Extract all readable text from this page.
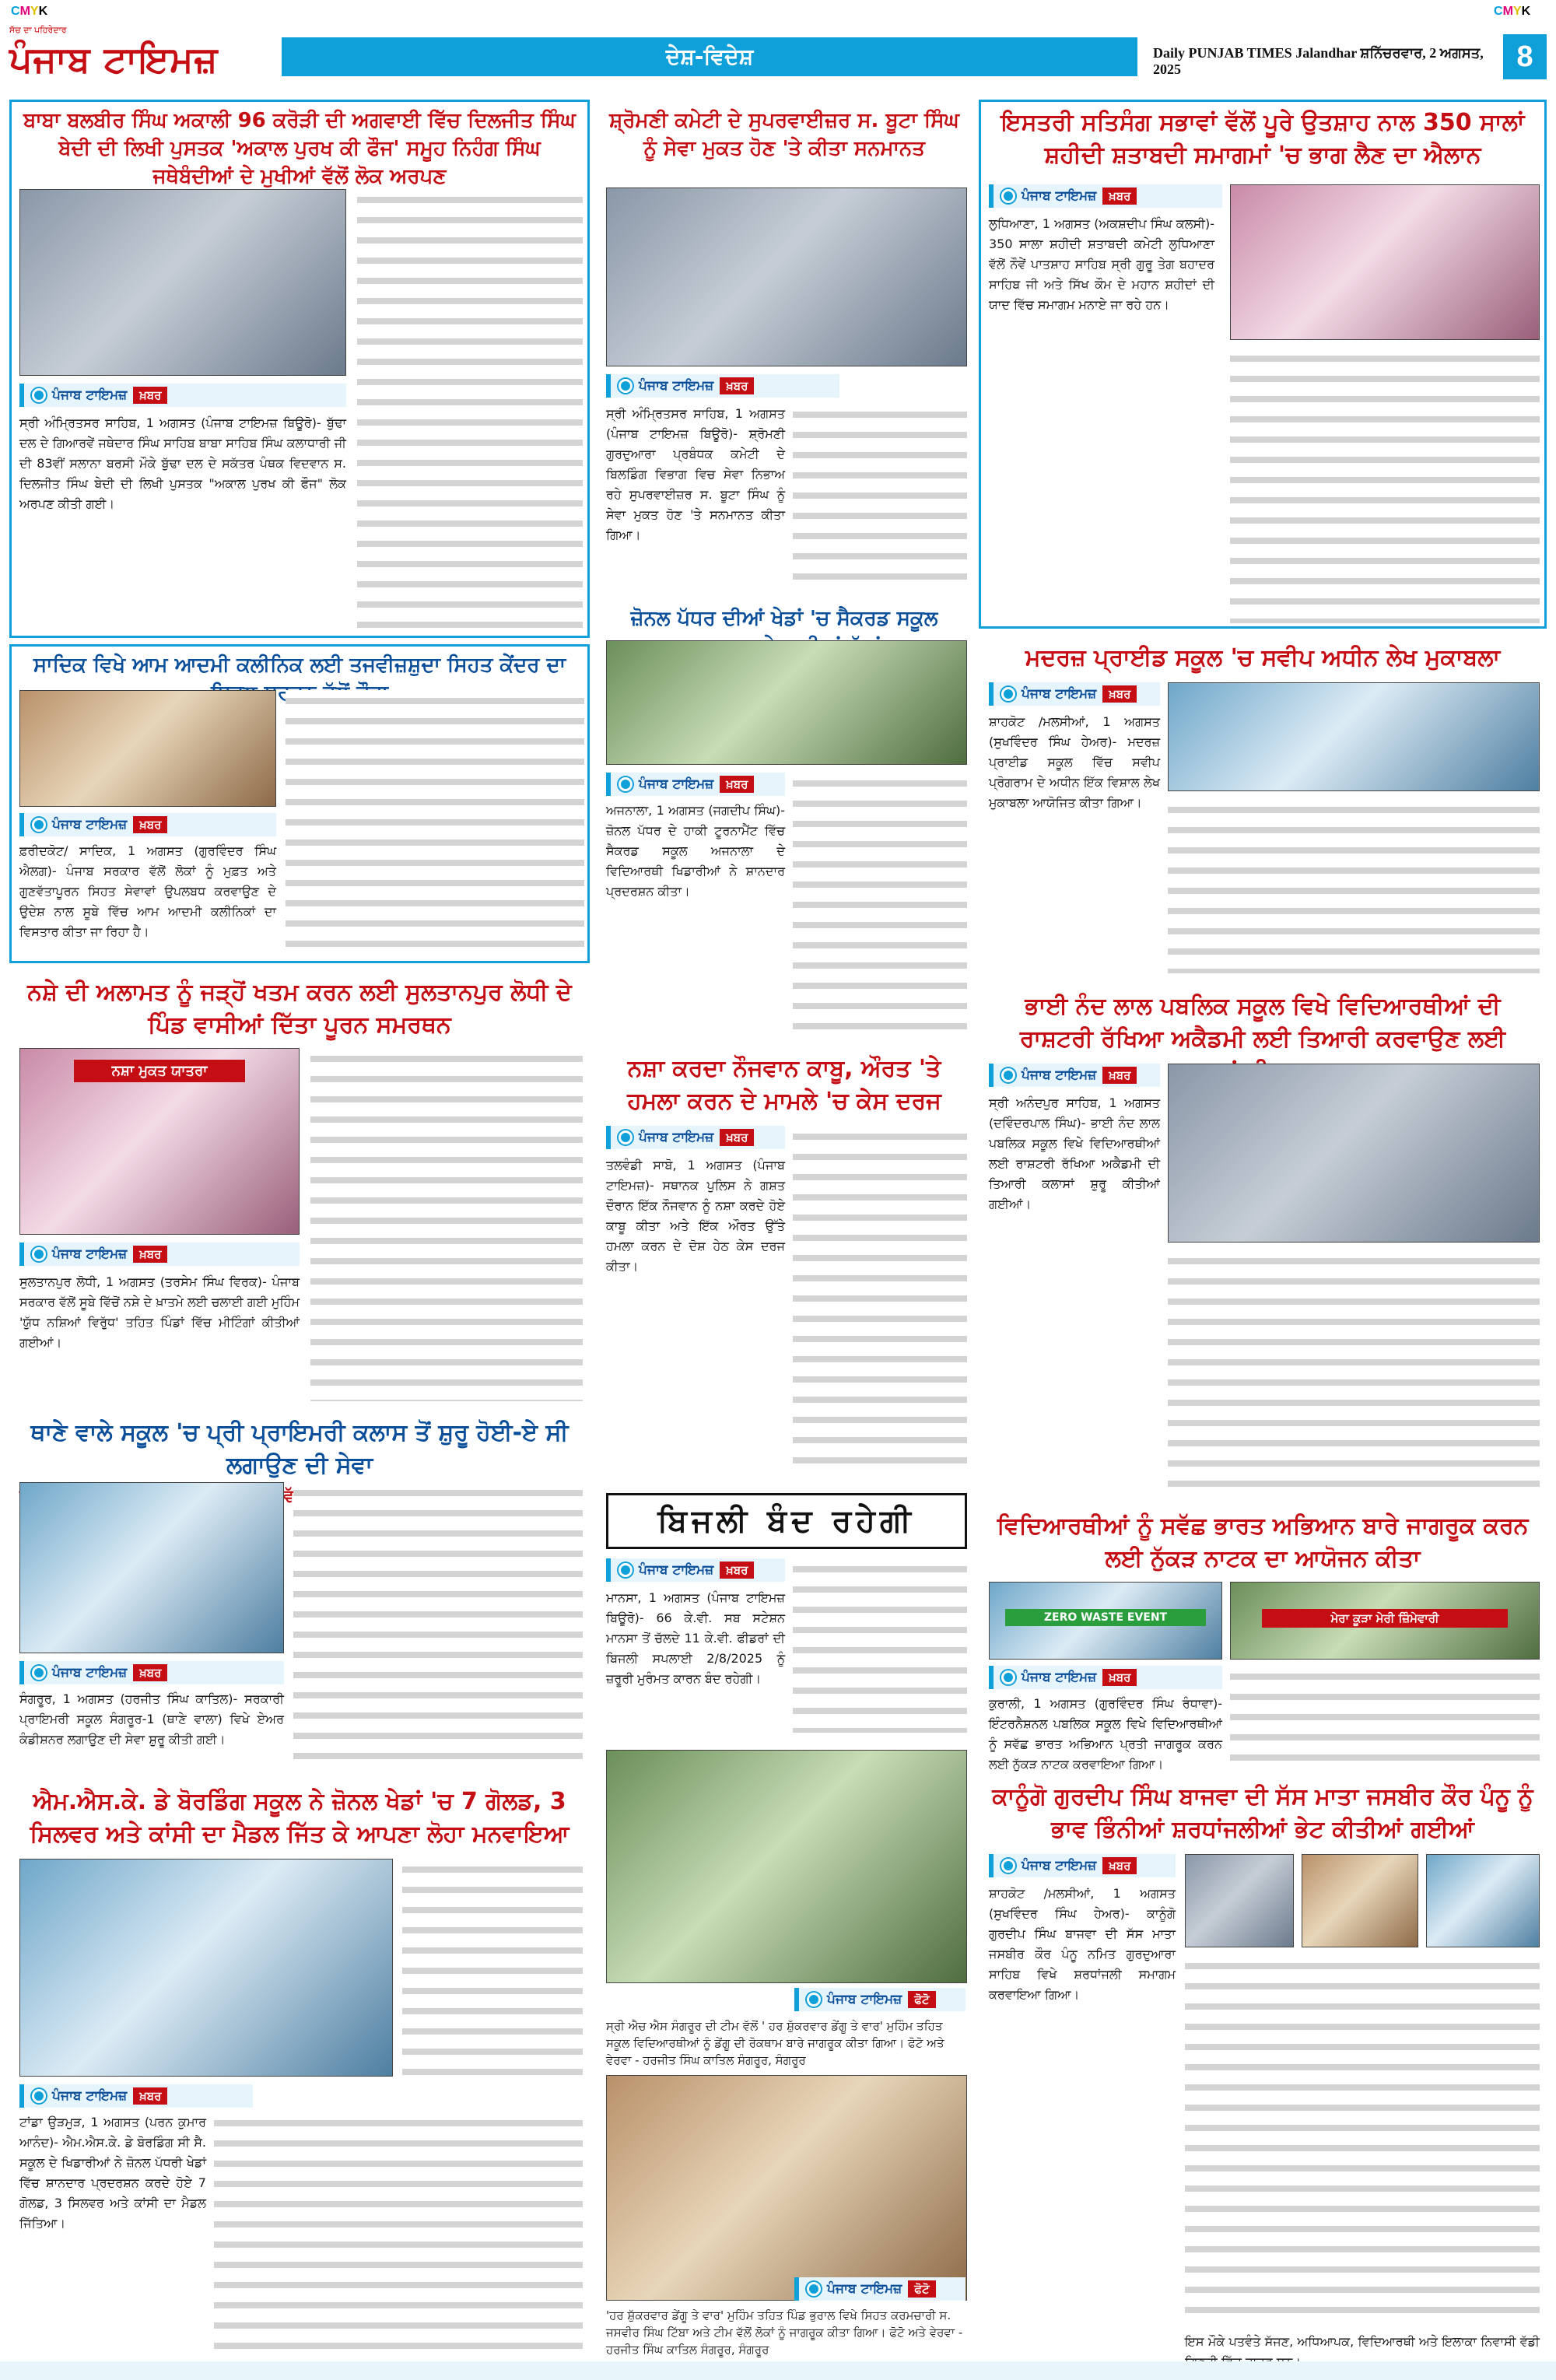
CMYK	CMYK
ਸੱਚ ਦਾ ਪਹਿਰੇਦਾਰ
ਪੰਜਾਬ ਟਾਇਮਜ਼	ਦੇਸ਼-ਵਿਦੇਸ਼	Daily PUNJAB TIMES Jalandhar ਸ਼ਨਿੱਚਰਵਾਰ, 2 ਅਗਸਤ, 2025	8
ਬਾਬਾ ਬਲਬੀਰ ਸਿੰਘ ਅਕਾਲੀ 96 ਕਰੋੜੀ ਦੀ ਅਗਵਾਈ ਵਿੱਚ ਦਿਲਜੀਤ ਸਿੰਘ ਬੇਦੀ ਦੀ ਲਿਖੀ ਪੁਸਤਕ 'ਅਕਾਲ ਪੁਰਖ ਕੀ ਫੌਜ' ਸਮੂਹ ਨਿਹੰਗ ਸਿੰਘ ਜਥੇਬੰਦੀਆਂ ਦੇ ਮੁਖੀਆਂ ਵੱਲੋਂ ਲੋਕ ਅਰਪਣ
ਪੰਜਾਬ ਟਾਇਮਜ਼	ਖ਼ਬਰ
ਸ੍ਰੀ ਅੰਮ੍ਰਿਤਸਰ ਸਾਹਿਬ, 1 ਅਗਸਤ (ਪੰਜਾਬ ਟਾਇਮਜ਼ ਬਿਊਰੋ)- ਬੁੱਢਾ ਦਲ ਦੇ ਗਿਆਰਵੇਂ ਜਥੇਦਾਰ ਸਿੰਘ ਸਾਹਿਬ ਬਾਬਾ ਸਾਹਿਬ ਸਿੰਘ ਕਲਾਧਾਰੀ ਜੀ ਦੀ 83ਵੀਂ ਸਲਾਨਾ ਬਰਸੀ ਮੌਕੇ ਬੁੱਢਾ ਦਲ ਦੇ ਸਕੱਤਰ ਪੰਥਕ ਵਿਦਵਾਨ ਸ. ਦਿਲਜੀਤ ਸਿੰਘ ਬੇਦੀ ਦੀ ਲਿਖੀ ਪੁਸਤਕ "ਅਕਾਲ ਪੁਰਖ ਕੀ ਫੌਜ" ਲੋਕ ਅਰਪਣ ਕੀਤੀ ਗਈ।
ਸਾਦਿਕ ਵਿਖੇ ਆਮ ਆਦਮੀ ਕਲੀਨਿਕ ਲਈ ਤਜਵੀਜ਼ਸ਼ੁਦਾ ਸਿਹਤ ਕੇਂਦਰ ਦਾ
ਪੰਜਾਬ ਟਾਇਮਜ਼	ਖ਼ਬਰ
ਫ਼ਰੀਦਕੋਟ/ ਸਾਦਿਕ, 1 ਅਗਸਤ (ਗੁਰਵਿੰਦਰ ਸਿੰਘ ਐਲਗ)- ਪੰਜਾਬ ਸਰਕਾਰ ਵੱਲੋਂ ਲੋਕਾਂ ਨੂੰ ਮੁਫ਼ਤ ਅਤੇ ਗੁਣਵੱਤਾਪੂਰਨ ਸਿਹਤ ਸੇਵਾਵਾਂ ਉਪਲਬਧ ਕਰਵਾਉਣ ਦੇ ਉਦੇਸ਼ ਨਾਲ ਸੂਬੇ ਵਿੱਚ ਆਮ ਆਦਮੀ ਕਲੀਨਿਕਾਂ ਦਾ ਵਿਸਤਾਰ ਕੀਤਾ ਜਾ ਰਿਹਾ ਹੈ।
ਨਸ਼ੇ ਦੀ ਅਲਾਮਤ ਨੂੰ ਜੜ੍ਹੋਂ ਖਤਮ ਕਰਨ ਲਈ ਸੁਲਤਾਨਪੁਰ ਲੋਧੀ ਦੇ ਪਿੰਡ ਵਾਸੀਆਂ ਦਿੱਤਾ ਪੂਰਨ ਸਮਰਥਨ
ਨਸ਼ਾ ਮੁਕਤ ਯਾਤਰਾ
ਪੰਜਾਬ ਟਾਇਮਜ਼	ਖ਼ਬਰ
ਸੁਲਤਾਨਪੁਰ ਲੋਧੀ, 1 ਅਗਸਤ (ਤਰਸੇਮ ਸਿੰਘ ਵਿਰਕ)- ਪੰਜਾਬ ਸਰਕਾਰ ਵੱਲੋਂ ਸੂਬੇ ਵਿੱਚੋਂ ਨਸ਼ੇ ਦੇ ਖ਼ਾਤਮੇ ਲਈ ਚਲਾਈ ਗਈ ਮੁਹਿੰਮ 'ਯੁੱਧ ਨਸ਼ਿਆਂ ਵਿਰੁੱਧ' ਤਹਿਤ ਪਿੰਡਾਂ ਵਿੱਚ ਮੀਟਿੰਗਾਂ ਕੀਤੀਆਂ ਗਈਆਂ।
ਥਾਣੇ ਵਾਲੇ ਸਕੂਲ 'ਚ ਪ੍ਰੀ ਪ੍ਰਾਇਮਰੀ ਕਲਾਸ ਤੋਂ ਸ਼ੁਰੂ ਹੋਈ-ਏ ਸੀ ਲਗਾਉਣ ਦੀ ਸੇਵਾ
ਪੰਜਾਬ ਟਾਇਮਜ਼	ਖ਼ਬਰ
ਸੰਗਰੂਰ, 1 ਅਗਸਤ (ਹਰਜੀਤ ਸਿੰਘ ਕਾਤਿਲ)- ਸਰਕਾਰੀ ਪ੍ਰਾਇਮਰੀ ਸਕੂਲ ਸੰਗਰੂਰ-1 (ਥਾਣੇ ਵਾਲਾ) ਵਿਖੇ ਏਅਰ ਕੰਡੀਸ਼ਨਰ ਲਗਾਉਣ ਦੀ ਸੇਵਾ ਸ਼ੁਰੂ ਕੀਤੀ ਗਈ।
ਸ਼੍ਰੋਮਣੀ ਕਮੇਟੀ ਦੇ ਸੁਪਰਵਾਈਜ਼ਰ ਸ. ਬੂਟਾ ਸਿੰਘ ਨੂੰ ਸੇਵਾ ਮੁਕਤ ਹੋਣ 'ਤੇ ਕੀਤਾ ਸਨਮਾਨਤ
ਪੰਜਾਬ ਟਾਇਮਜ਼	ਖ਼ਬਰ
ਸ੍ਰੀ ਅੰਮ੍ਰਿਤਸਰ ਸਾਹਿਬ, 1 ਅਗਸਤ (ਪੰਜਾਬ ਟਾਇਮਜ਼ ਬਿਊਰੋ)- ਸ਼੍ਰੋਮਣੀ ਗੁਰਦੁਆਰਾ ਪ੍ਰਬੰਧਕ ਕਮੇਟੀ ਦੇ ਬਿਲਡਿੰਗ ਵਿਭਾਗ ਵਿਚ ਸੇਵਾ ਨਿਭਾਅ ਰਹੇ ਸੁਪਰਵਾਈਜ਼ਰ ਸ. ਬੂਟਾ ਸਿੰਘ ਨੂੰ ਸੇਵਾ ਮੁਕਤ ਹੋਣ 'ਤੇ ਸਨਮਾਨਤ ਕੀਤਾ ਗਿਆ।
ਜ਼ੋਨਲ ਪੱਧਰ ਦੀਆਂ ਖੇਡਾਂ 'ਚ ਸੈਕਰਡ ਸਕੂਲ
ਪੰਜਾਬ ਟਾਇਮਜ਼	ਖ਼ਬਰ
ਅਜਨਾਲਾ, 1 ਅਗਸਤ (ਜਗਦੀਪ ਸਿੰਘ)- ਜ਼ੋਨਲ ਪੱਧਰ ਦੇ ਹਾਕੀ ਟੂਰਨਾਮੈਂਟ ਵਿੱਚ ਸੈਕਰਡ ਸਕੂਲ ਅਜਨਾਲਾ ਦੇ ਵਿਦਿਆਰਥੀ ਖਿਡਾਰੀਆਂ ਨੇ ਸ਼ਾਨਦਾਰ ਪ੍ਰਦਰਸ਼ਨ ਕੀਤਾ।
ਨਸ਼ਾ ਕਰਦਾ ਨੌਜਵਾਨ ਕਾਬੂ, ਔਰਤ 'ਤੇ ਹਮਲਾ ਕਰਨ ਦੇ ਮਾਮਲੇ 'ਚ ਕੇਸ ਦਰਜ
ਪੰਜਾਬ ਟਾਇਮਜ਼	ਖ਼ਬਰ
ਤਲਵੰਡੀ ਸਾਬੋ, 1 ਅਗਸਤ (ਪੰਜਾਬ ਟਾਇਮਜ਼)- ਸਥਾਨਕ ਪੁਲਿਸ ਨੇ ਗਸ਼ਤ ਦੌਰਾਨ ਇੱਕ ਨੌਜਵਾਨ ਨੂੰ ਨਸ਼ਾ ਕਰਦੇ ਹੋਏ ਕਾਬੂ ਕੀਤਾ ਅਤੇ ਇੱਕ ਔਰਤ ਉੱਤੇ ਹਮਲਾ ਕਰਨ ਦੇ ਦੋਸ਼ ਹੇਠ ਕੇਸ ਦਰਜ ਕੀਤਾ।
ਬਿਜਲੀ ਬੰਦ ਰਹੇਗੀ
ਪੰਜਾਬ ਟਾਇਮਜ਼	ਖ਼ਬਰ
ਮਾਨਸਾ, 1 ਅਗਸਤ (ਪੰਜਾਬ ਟਾਇਮਜ਼ ਬਿਊਰੋ)- 66 ਕੇ.ਵੀ. ਸਬ ਸਟੇਸ਼ਨ ਮਾਨਸਾ ਤੋਂ ਚੱਲਦੇ 11 ਕੇ.ਵੀ. ਫੀਡਰਾਂ ਦੀ ਬਿਜਲੀ ਸਪਲਾਈ 2/8/2025 ਨੂੰ ਜ਼ਰੂਰੀ ਮੁਰੰਮਤ ਕਾਰਨ ਬੰਦ ਰਹੇਗੀ।
ਇਸਤਰੀ ਸਤਿਸੰਗ ਸਭਾਵਾਂ ਵੱਲੋਂ ਪੂਰੇ ਉਤਸ਼ਾਹ ਨਾਲ 350 ਸਾਲਾਂ ਸ਼ਹੀਦੀ ਸ਼ਤਾਬਦੀ ਸਮਾਗਮਾਂ 'ਚ ਭਾਗ ਲੈਣ ਦਾ ਐਲਾਨ
ਪੰਜਾਬ ਟਾਇਮਜ਼	ਖ਼ਬਰ
ਲੁਧਿਆਣਾ, 1 ਅਗਸਤ (ਅਕਸ਼ਦੀਪ ਸਿੰਘ ਕਲਸੀ)- 350 ਸਾਲਾ ਸ਼ਹੀਦੀ ਸ਼ਤਾਬਦੀ ਕਮੇਟੀ ਲੁਧਿਆਣਾ ਵੱਲੋਂ ਨੌਵੇਂ ਪਾਤਸ਼ਾਹ ਸਾਹਿਬ ਸ੍ਰੀ ਗੁਰੂ ਤੇਗ ਬਹਾਦਰ ਸਾਹਿਬ ਜੀ ਅਤੇ ਸਿੱਖ ਕੌਮ ਦੇ ਮਹਾਨ ਸ਼ਹੀਦਾਂ ਦੀ ਯਾਦ ਵਿੱਚ ਸਮਾਗਮ ਮਨਾਏ ਜਾ ਰਹੇ ਹਨ।
ਮਦਰਜ਼ ਪ੍ਰਾਈਡ ਸਕੂਲ 'ਚ ਸਵੀਪ ਅਧੀਨ ਲੇਖ ਮੁਕਾਬਲਾ
ਪੰਜਾਬ ਟਾਇਮਜ਼	ਖ਼ਬਰ
ਸ਼ਾਹਕੋਟ /ਮਲਸੀਆਂ, 1 ਅਗਸਤ (ਸੁਖਵਿੰਦਰ ਸਿੰਘ ਹੇਅਰ)- ਮਦਰਜ਼ ਪ੍ਰਾਈਡ ਸਕੂਲ ਵਿੱਚ ਸਵੀਪ ਪ੍ਰੋਗਰਾਮ ਦੇ ਅਧੀਨ ਇੱਕ ਵਿਸ਼ਾਲ ਲੇਖ ਮੁਕਾਬਲਾ ਆਯੋਜਿਤ ਕੀਤਾ ਗਿਆ।
ਭਾਈ ਨੰਦ ਲਾਲ ਪਬਲਿਕ ਸਕੂਲ ਵਿਖੇ ਵਿਦਿਆਰਥੀਆਂ ਦੀ ਰਾਸ਼ਟਰੀ ਰੱਖਿਆ ਅਕੈਡਮੀ ਲਈ ਤਿਆਰੀ ਕਰਵਾਉਣ ਲਈ
ਪੰਜਾਬ ਟਾਇਮਜ਼	ਖ਼ਬਰ
ਸ੍ਰੀ ਅਨੰਦਪੁਰ ਸਾਹਿਬ, 1 ਅਗਸਤ (ਦਵਿੰਦਰਪਾਲ ਸਿੰਘ)- ਭਾਈ ਨੰਦ ਲਾਲ ਪਬਲਿਕ ਸਕੂਲ ਵਿਖੇ ਵਿਦਿਆਰਥੀਆਂ ਲਈ ਰਾਸ਼ਟਰੀ ਰੱਖਿਆ ਅਕੈਡਮੀ ਦੀ ਤਿਆਰੀ ਕਲਾਸਾਂ ਸ਼ੁਰੂ ਕੀਤੀਆਂ ਗਈਆਂ।
ਵਿਦਿਆਰਥੀਆਂ ਨੂੰ ਸਵੱਛ ਭਾਰਤ ਅਭਿਆਨ ਬਾਰੇ ਜਾਗਰੂਕ ਕਰਨ ਲਈ ਨੁੱਕੜ ਨਾਟਕ ਦਾ ਆਯੋਜਨ ਕੀਤਾ
ZERO WASTE EVENT	ਮੇਰਾ ਕੂੜਾ ਮੇਰੀ ਜ਼ਿੰਮੇਵਾਰੀ
ਪੰਜਾਬ ਟਾਇਮਜ਼	ਖ਼ਬਰ
ਕੁਰਾਲੀ, 1 ਅਗਸਤ (ਗੁਰਵਿੰਦਰ ਸਿੰਘ ਰੰਧਾਵਾ)- ਇੰਟਰਨੈਸ਼ਨਲ ਪਬਲਿਕ ਸਕੂਲ ਵਿਖੇ ਵਿਦਿਆਰਥੀਆਂ ਨੂੰ ਸਵੱਛ ਭਾਰਤ ਅਭਿਆਨ ਪ੍ਰਤੀ ਜਾਗਰੂਕ ਕਰਨ ਲਈ ਨੁੱਕੜ ਨਾਟਕ ਕਰਵਾਇਆ ਗਿਆ।
ਐਮ.ਐਸ.ਕੇ. ਡੇ ਬੋਰਡਿੰਗ ਸਕੂਲ ਨੇ ਜ਼ੋਨਲ ਖੇਡਾਂ 'ਚ 7 ਗੋਲਡ, 3 ਸਿਲਵਰ ਅਤੇ ਕਾਂਸੀ ਦਾ ਮੈਡਲ ਜਿੱਤ ਕੇ ਆਪਣਾ ਲੋਹਾ ਮਨਵਾਇਆ
ਪੰਜਾਬ ਟਾਇਮਜ਼	ਖ਼ਬਰ
ਟਾਂਡਾ ਉੜਮੁੜ, 1 ਅਗਸਤ (ਪਰਨ ਕੁਮਾਰ ਆਨੰਦ)- ਐਮ.ਐਸ.ਕੇ. ਡੇ ਬੋਰਡਿੰਗ ਸੀ ਸੈ. ਸਕੂਲ ਦੇ ਖਿਡਾਰੀਆਂ ਨੇ ਜ਼ੋਨਲ ਪੱਧਰੀ ਖੇਡਾਂ ਵਿੱਚ ਸ਼ਾਨਦਾਰ ਪ੍ਰਦਰਸ਼ਨ ਕਰਦੇ ਹੋਏ 7 ਗੋਲਡ, 3 ਸਿਲਵਰ ਅਤੇ ਕਾਂਸੀ ਦਾ ਮੈਡਲ ਜਿੱਤਿਆ।
ਪੰਜਾਬ ਟਾਇਮਜ਼	ਫੋਟੋ
ਸ੍ਰੀ ਐਚ ਐਸ ਸੰਗਰੂਰ ਦੀ ਟੀਮ ਵੱਲੋਂ ' ਹਰ ਸ਼ੁੱਕਰਵਾਰ ਡੇਂਗੂ ਤੇ ਵਾਰ' ਮੁਹਿੰਮ ਤਹਿਤ ਸਕੂਲ ਵਿਦਿਆਰਥੀਆਂ ਨੂੰ ਡੇਂਗੂ ਦੀ ਰੋਕਥਾਮ ਬਾਰੇ ਜਾਗਰੂਕ ਕੀਤਾ ਗਿਆ। ਫੋਟੋ ਅਤੇ ਵੇਰਵਾ - ਹਰਜੀਤ ਸਿੰਘ ਕਾਤਿਲ ਸੰਗਰੂਰ, ਸੰਗਰੂਰ
ਪੰਜਾਬ ਟਾਇਮਜ਼	ਫੋਟੋ
'ਹਰ ਸ਼ੁੱਕਰਵਾਰ ਡੇਂਗੂ ਤੇ ਵਾਰ' ਮੁਹਿੰਮ ਤਹਿਤ ਪਿੰਡ ਭੁਰਾਲ ਵਿਖੇ ਸਿਹਤ ਕਰਮਚਾਰੀ ਸ. ਜਸਵੀਰ ਸਿੰਘ ਟਿੱਬਾ ਅਤੇ ਟੀਮ ਵੱਲੋਂ ਲੋਕਾਂ ਨੂੰ ਜਾਗਰੂਕ ਕੀਤਾ ਗਿਆ। ਫੋਟੋ ਅਤੇ ਵੇਰਵਾ - ਹਰਜੀਤ ਸਿੰਘ ਕਾਤਿਲ ਸੰਗਰੂਰ, ਸੰਗਰੂਰ
ਕਾਨੂੰਗੋ ਗੁਰਦੀਪ ਸਿੰਘ ਬਾਜਵਾ ਦੀ ਸੱਸ ਮਾਤਾ ਜਸਬੀਰ ਕੌਰ ਪੰਨੂ ਨੂੰ ਭਾਵ ਭਿੰਨੀਆਂ ਸ਼ਰਧਾਂਜਲੀਆਂ ਭੇਟ ਕੀਤੀਆਂ ਗਈਆਂ
ਪੰਜਾਬ ਟਾਇਮਜ਼	ਖ਼ਬਰ
ਸ਼ਾਹਕੋਟ /ਮਲਸੀਆਂ, 1 ਅਗਸਤ (ਸੁਖਵਿੰਦਰ ਸਿੰਘ ਹੇਅਰ)- ਕਾਨੂੰਗੋ ਗੁਰਦੀਪ ਸਿੰਘ ਬਾਜਵਾ ਦੀ ਸੱਸ ਮਾਤਾ ਜਸਬੀਰ ਕੌਰ ਪੰਨੂ ਨਮਿਤ ਗੁਰਦੁਆਰਾ ਸਾਹਿਬ ਵਿਖੇ ਸ਼ਰਧਾਂਜਲੀ ਸਮਾਗਮ ਕਰਵਾਇਆ ਗਿਆ।
ਇਸ ਮੌਕੇ ਪਤਵੰਤੇ ਸੱਜਣ, ਅਧਿਆਪਕ, ਵਿਦਿਆਰਥੀ ਅਤੇ ਇਲਾਕਾ ਨਿਵਾਸੀ ਵੱਡੀ
